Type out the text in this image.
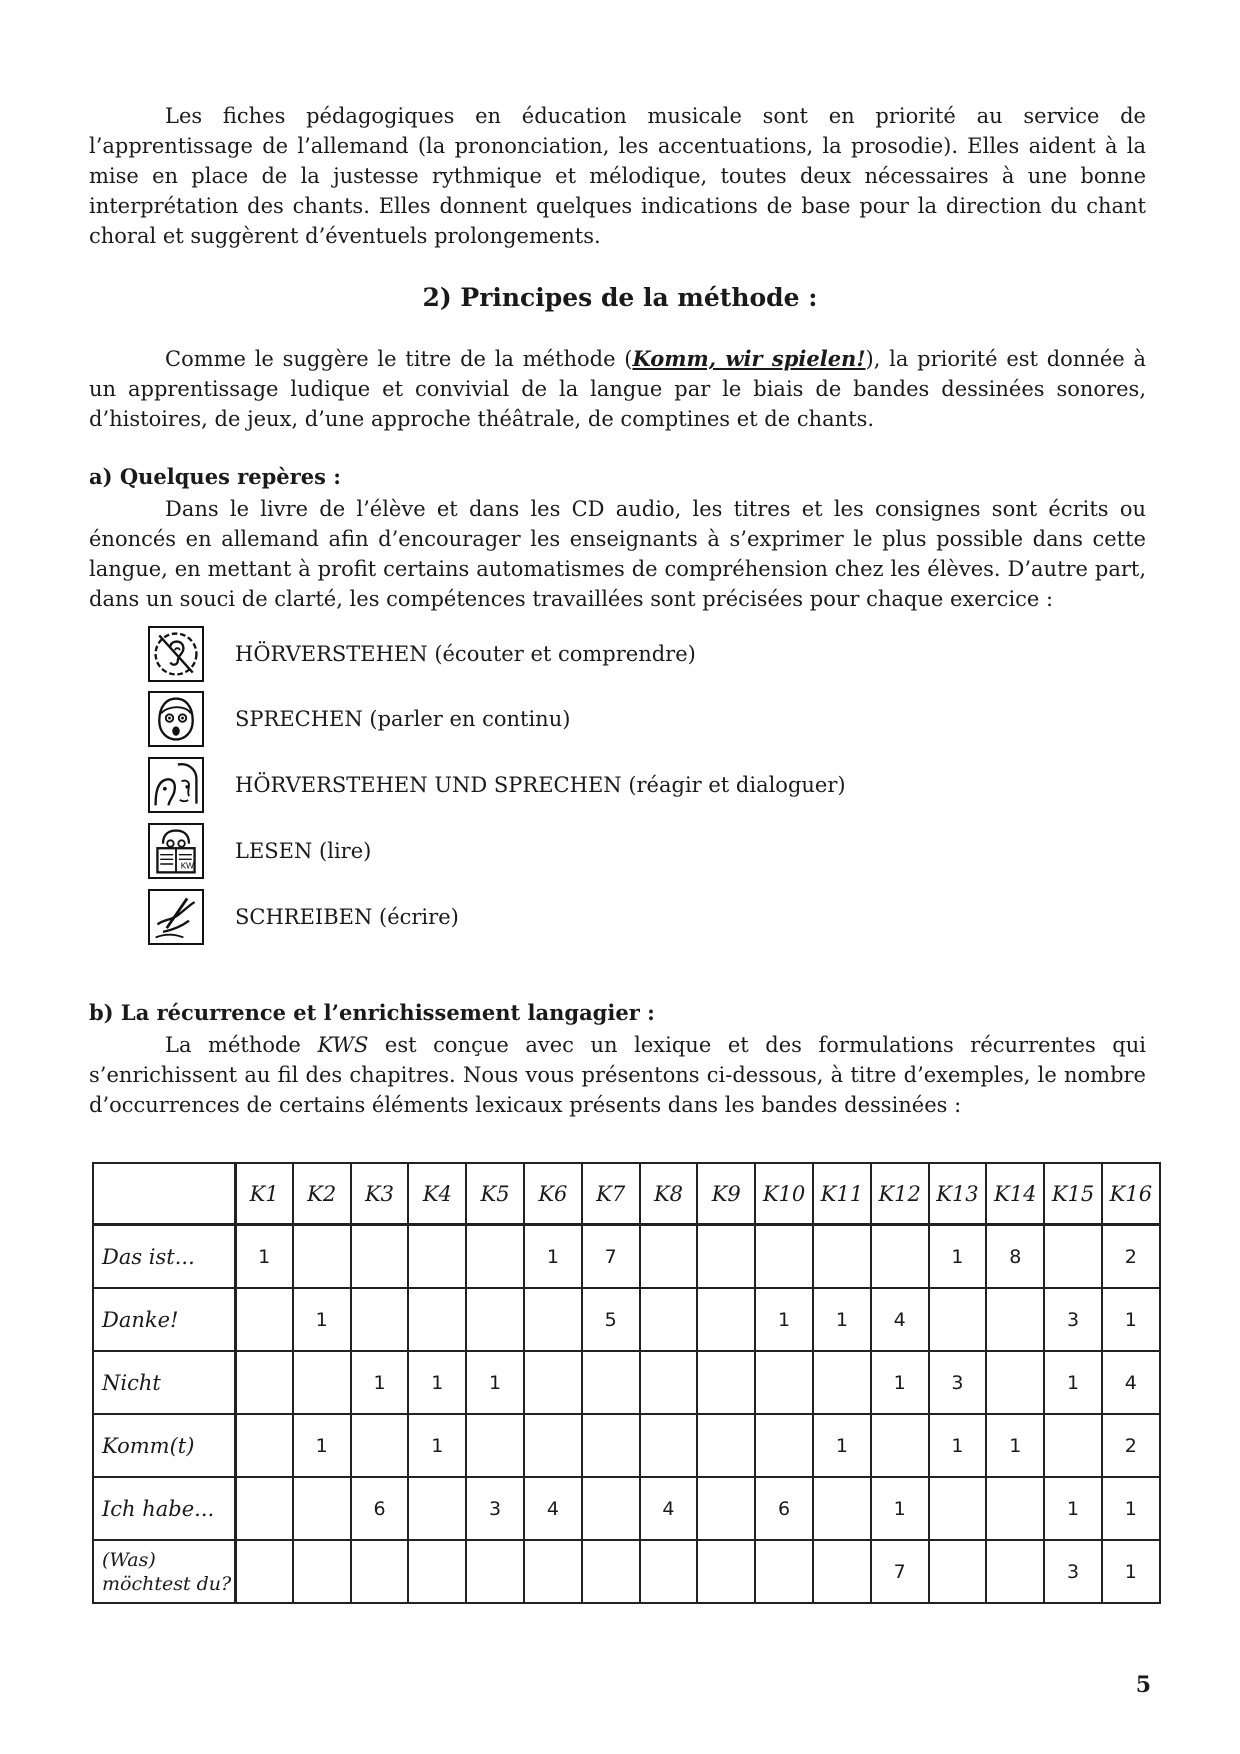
Les fiches pédagogiques en éducation musicale sont en priorité au service de l’apprentissage de l’allemand (la prononciation, les accentuations, la prosodie). Elles aident à la mise en place de la justesse rythmique et mélodique, toutes deux nécessaires à une bonne interprétation des chants. Elles donnent quelques indications de base pour la direction du chant choral et suggèrent d’éventuels prolongements.

2) Principes de la méthode :

Comme le suggère le titre de la méthode (Komm, wir spielen!), la priorité est donnée à un apprentissage ludique et convivial de la langue par le biais de bandes dessinées sonores, d’histoires, de jeux, d’une approche théâtrale, de comptines et de chants.

a) Quelques repères :

Dans le livre de l’élève et dans les CD audio, les titres et les consignes sont écrits ou énoncés en allemand afin d’encourager les enseignants à s’exprimer le plus possible dans cette langue, en mettant à profit certains automatismes de compréhension chez les élèves. D’autre part, dans un souci de clarté, les compétences travaillées sont précisées pour chaque exercice :

HÖRVERSTEHEN (écouter et comprendre)
SPRECHEN (parler en continu)
HÖRVERSTEHEN UND SPRECHEN (réagir et dialoguer)
KW
LESEN (lire)
SCHREIBEN (écrire)
b) La récurrence et l’enrichissement langagier :

La méthode KWS est conçue avec un lexique et des formulations récurrentes qui s’enrichissent au fil des chapitres. Nous vous présentons ci-dessous, à titre d’exemples, le nombre d’occurrences de certains éléments lexicaux présents dans les bandes dessinées :

	K1	K2	K3	K4	K5	K6	K7	K8	K9	K10	K11	K12	K13	K14	K15	K16
Das ist...	1					1	7						1	8		2
Danke!		1					5			1	1	4			3	1
Nicht			1	1	1							1	3		1	4
Komm(t)		1		1							1		1	1		2
Ich habe...			6		3	4		4		6		1			1	1

(Was)
möchtest du?												7			3	1
5
